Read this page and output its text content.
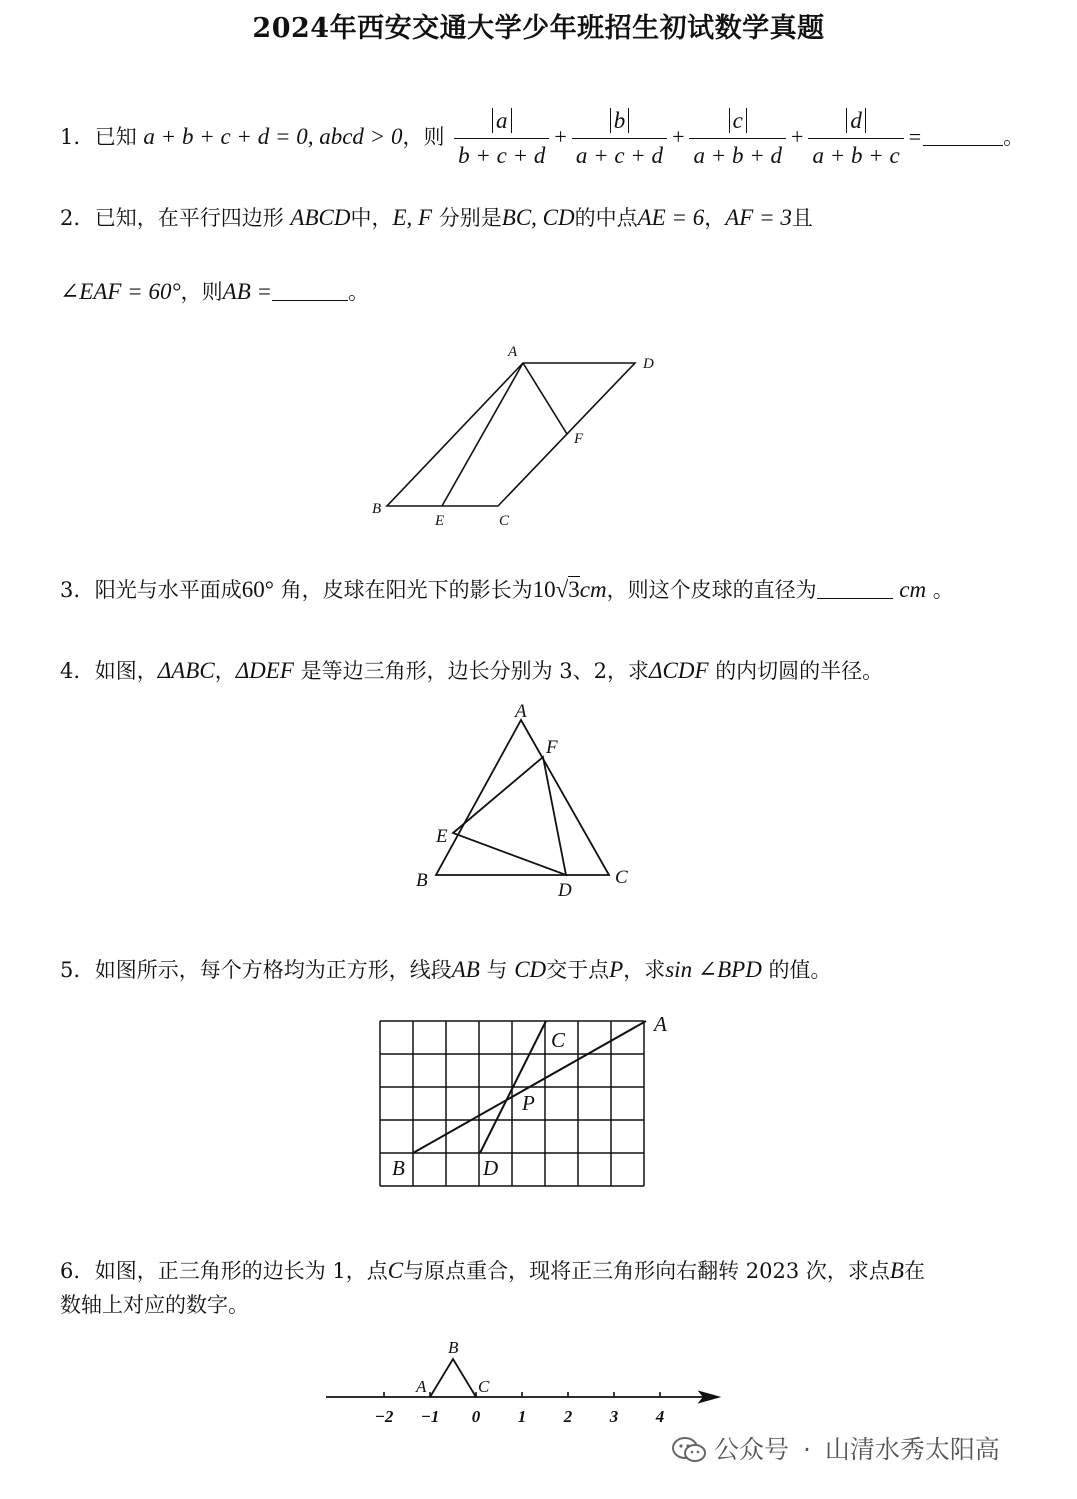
2024年西安交通大学少年班招生初试数学真题
1. 已知 a + b + c + d = 0, abcd > 0，则 $\frac{a}{b + c + d} + \frac{b}{a + c + d} + \frac{c}{a + b + d} + \frac{d}{a + b + c}$ =	。
2. 已知，在平行四边形 ABCD中，E, F 分别是BC, CD的中点AE = 6，AF = 3且
∠EAF = 60°，则AB =	。
A
D
F
B
E	C
3. 阳光与水平面成60° 角，皮球在阳光下的影长为10√3cm，则这个皮球的直径为	cm 。
4. 如图，ΔABC，ΔDEF 是等边三角形，边长分别为 3、2，求ΔCDF 的内切圆的半径。
A
F
E
B	D
C
5. 如图所示，每个方格均为正方形，线段AB 与 CD交于点P，求sin ∠BPD 的值。
A
C
P
B	D
6. 如图，正三角形的边长为 1，点C与原点重合，现将正三角形向右翻转 2023 次，求点B在
数轴上对应的数字。
−2 −1 0 1 2 3 4
B
A	C
公众号 · 山清水秀太阳高
